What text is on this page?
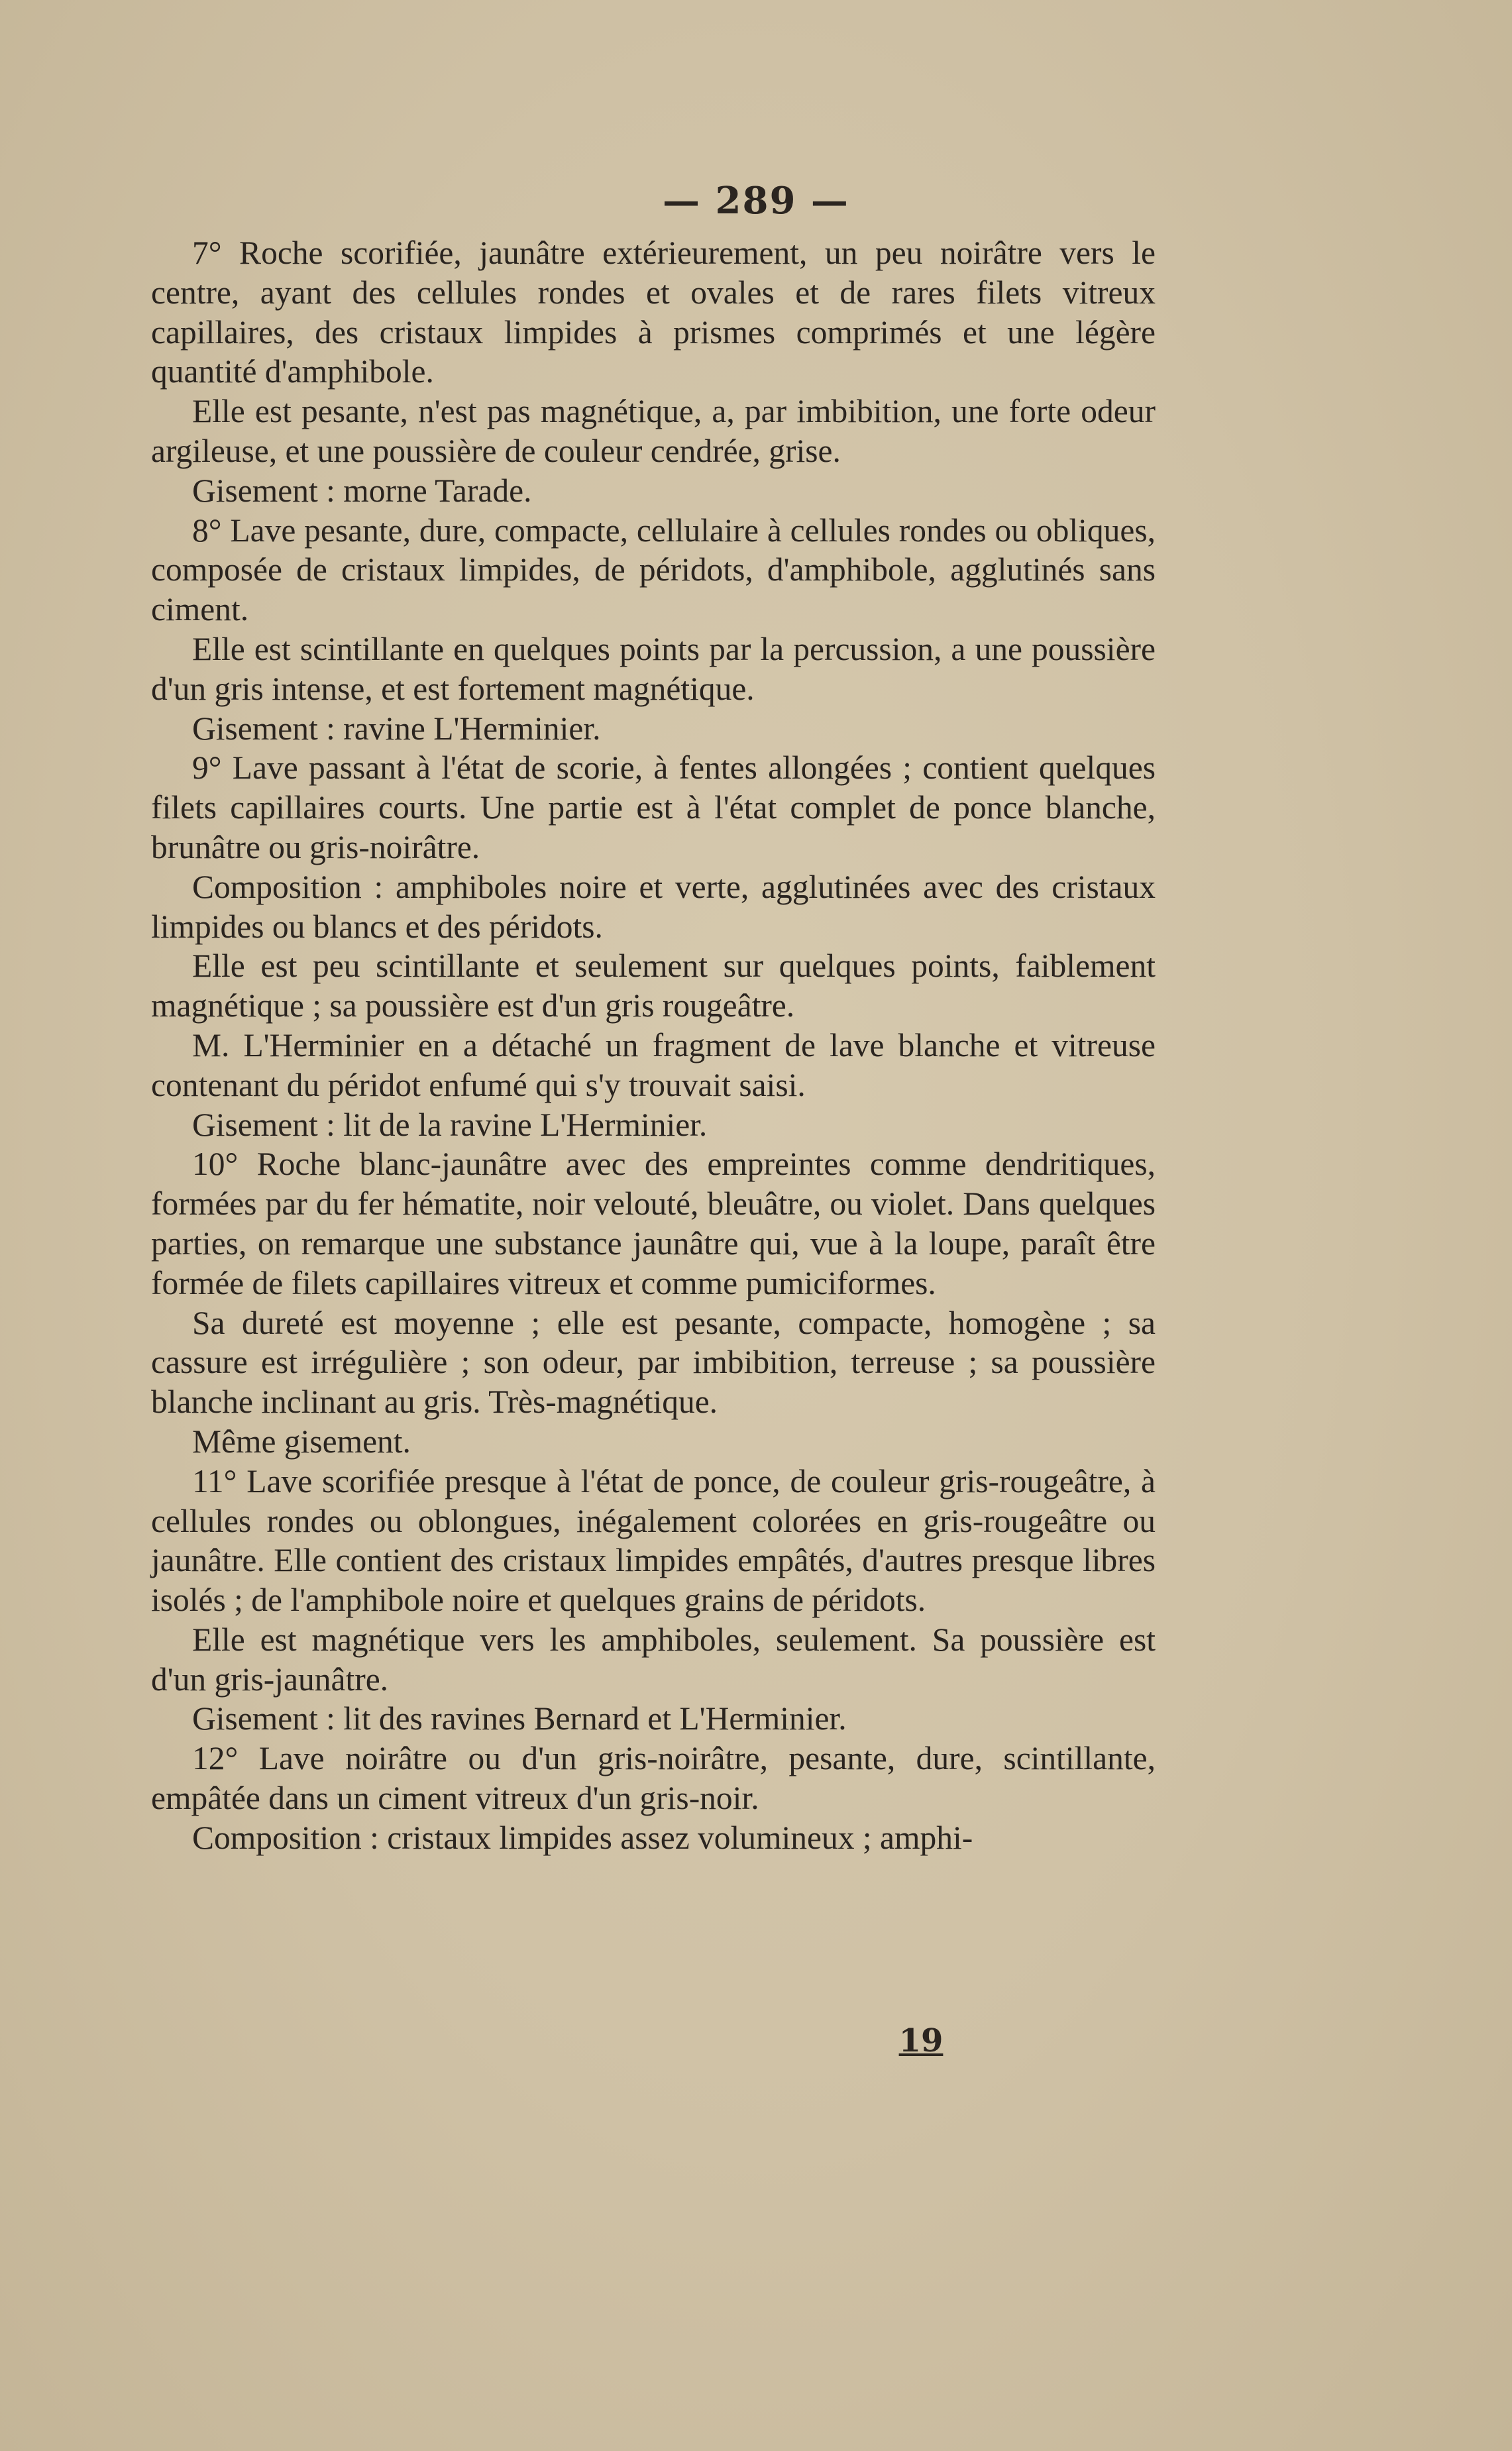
— 289 —

7° Roche scorifiée, jaunâtre extérieurement, un peu noirâtre vers le centre, ayant des cellules rondes et ovales et de rares filets vitreux capillaires, des cristaux limpides à prismes comprimés et une légère quantité d'amphibole.

Elle est pesante, n'est pas magnétique, a, par imbibition, une forte odeur argileuse, et une poussière de couleur cendrée, grise.

Gisement : morne Tarade.

8° Lave pesante, dure, compacte, cellulaire à cellules rondes ou obliques, composée de cristaux limpides, de péridots, d'amphibole, agglutinés sans ciment.

Elle est scintillante en quelques points par la percussion, a une poussière d'un gris intense, et est fortement magnétique.

Gisement : ravine L'Herminier.

9° Lave passant à l'état de scorie, à fentes allongées ; contient quelques filets capillaires courts. Une partie est à l'état complet de ponce blanche, brunâtre ou gris-noirâtre.

Composition : amphiboles noire et verte, agglutinées avec des cristaux limpides ou blancs et des péridots.

Elle est peu scintillante et seulement sur quelques points, faiblement magnétique ; sa poussière est d'un gris rougeâtre.

M. L'Herminier en a détaché un fragment de lave blanche et vitreuse contenant du péridot enfumé qui s'y trouvait saisi.

Gisement : lit de la ravine L'Herminier.

10° Roche blanc-jaunâtre avec des empreintes comme dendritiques, formées par du fer hématite, noir velouté, bleuâtre, ou violet. Dans quelques parties, on remarque une substance jaunâtre qui, vue à la loupe, paraît être formée de filets capillaires vitreux et comme pumiciformes.

Sa dureté est moyenne ; elle est pesante, compacte, homogène ; sa cassure est irrégulière ; son odeur, par imbibition, terreuse ; sa poussière blanche inclinant au gris. Très-magnétique.

Même gisement.

11° Lave scorifiée presque à l'état de ponce, de couleur gris-rougeâtre, à cellules rondes ou oblongues, inégalement colorées en gris-rougeâtre ou jaunâtre. Elle contient des cristaux limpides empâtés, d'autres presque libres isolés ; de l'amphibole noire et quelques grains de péridots.

Elle est magnétique vers les amphiboles, seulement. Sa poussière est d'un gris-jaunâtre.

Gisement : lit des ravines Bernard et L'Herminier.

12° Lave noirâtre ou d'un gris-noirâtre, pesante, dure, scintillante, empâtée dans un ciment vitreux d'un gris-noir.

Composition : cristaux limpides assez volumineux ; amphi-

19
